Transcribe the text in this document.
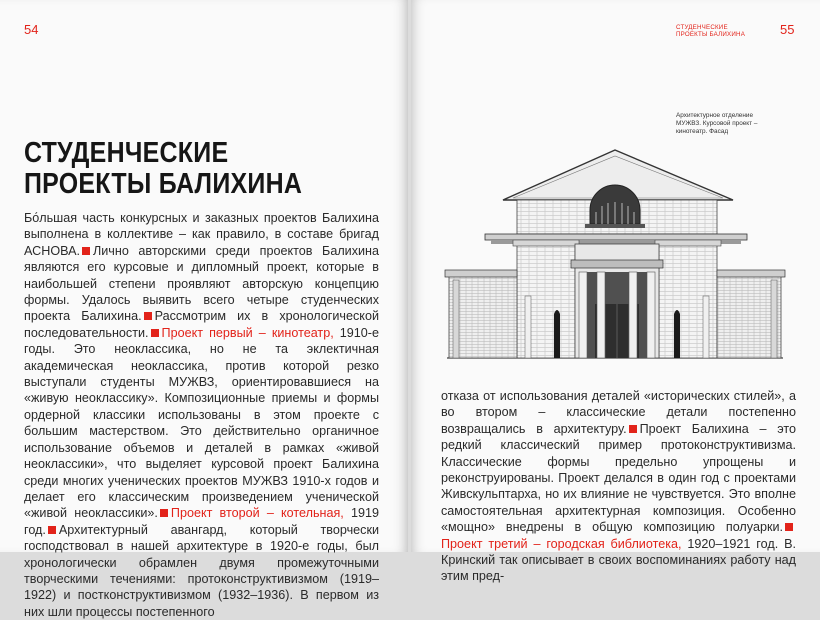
54
СТУДЕНЧЕСКИЕ
ПРОЕКТЫ БАЛИХИНА

Бо́льшая часть конкурсных и заказных проектов Балихина выполнена в коллективе – как правило, в составе бригад АСНОВА. Лично авторскими среди проектов Балихина являются его курсовые и дипломный проект, которые в наибольшей степени проявляют авторскую концепцию формы. Удалось выявить всего четыре студенческих проекта Балихина. Рассмотрим их в хронологической последовательности. Проект первый – кинотеатр, 1910-е годы. Это неоклассика, но не та эклектичная академическая неоклассика, против которой резко выступали студенты МУЖВЗ, ориентировавшиеся на «живую неоклассику». Композиционные приемы и формы ордерной классики использованы в этом проекте с большим мастерством. Это действительно органичное использование объемов и деталей в рамках «живой неоклассики», что выделяет курсовой проект Балихина среди многих ученических проектов МУЖВЗ 1910-х годов и делает его классическим произведением ученической «живой неоклассики». Проект второй – котельная, 1919 год. Архитектурный авангард, который творчески господствовал в нашей архитектуре в 1920-е годы, был хронологически обрамлен двумя промежуточными творческими течениями: протоконструктивизмом (1919–1922) и постконструктивизмом (1932–1936). В первом из них шли процессы постепенного

СТУДЕНЧЕСКИЕ
ПРОЕКТЫ БАЛИХИНА	55
Архитектурное отделение
МУЖВЗ. Курсовой проект –
кинотеатр. Фасад

отказа от использования деталей «исторических стилей», а во втором – классические детали постепенно возвращались в архитектуру. Проект Балихина – это редкий классический пример протоконструктивизма. Классические формы предельно упрощены и реконструированы. Проект делался в один год с проектами Живскульптарха, но их влияние не чувствуется. Это вполне самостоятельная архитектурная композиция. Особенно «мощно» внедрены в общую композицию полуарки.Проект третий – городская библиотека, 1920–1921 год. В. Кринский так описывает в своих воспоминаниях работу над этим пред-
